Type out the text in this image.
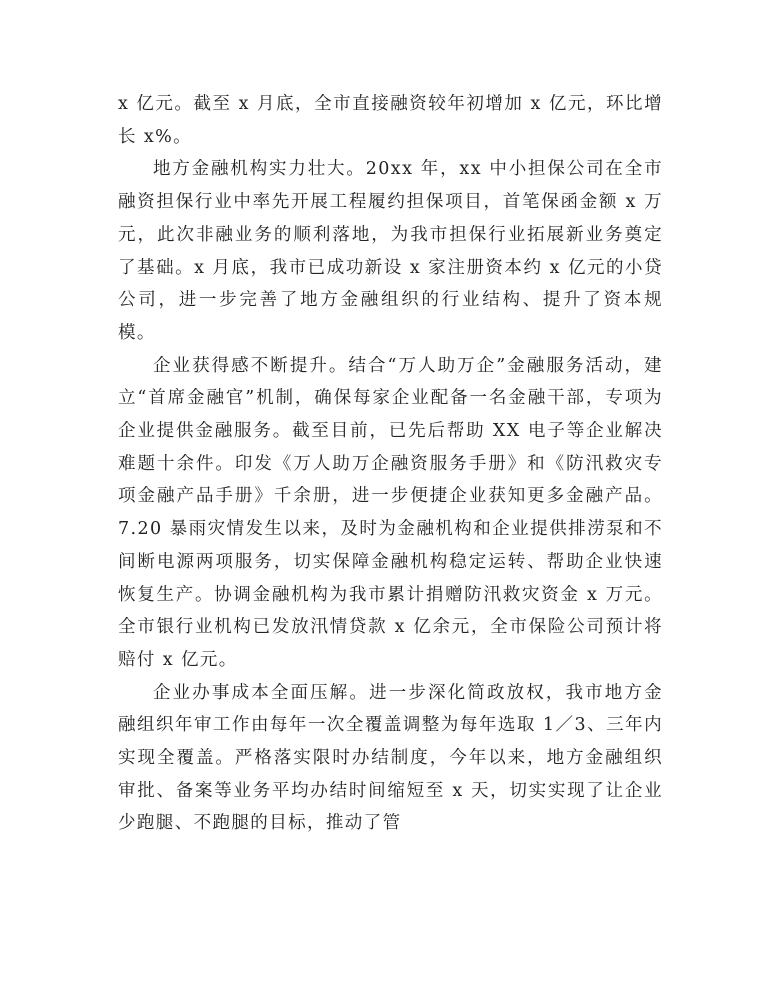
x 亿元。截至 x 月底，全市直接融资较年初增加 x 亿元，环比增长 x%。

地方金融机构实力壮大。20xx 年，xx 中小担保公司在全市融资担保行业中率先开展工程履约担保项目，首笔保函金额 x 万元，此次非融业务的顺利落地，为我市担保行业拓展新业务奠定了基础。x 月底，我市已成功新设 x 家注册资本约 x 亿元的小贷公司，进一步完善了地方金融组织的行业结构、提升了资本规模。

企业获得感不断提升。结合“万人助万企”金融服务活动，建立“首席金融官”机制，确保每家企业配备一名金融干部，专项为企业提供金融服务。截至目前，已先后帮助 XX 电子等企业解决难题十余件。印发《万人助万企融资服务手册》和《防汛救灾专项金融产品手册》千余册，进一步便捷企业获知更多金融产品。7.20 暴雨灾情发生以来，及时为金融机构和企业提供排涝泵和不间断电源两项服务，切实保障金融机构稳定运转、帮助企业快速恢复生产。协调金融机构为我市累计捐赠防汛救灾资金 x 万元。全市银行业机构已发放汛情贷款 x 亿余元，全市保险公司预计将赔付 x 亿元。

企业办事成本全面压解。进一步深化简政放权，我市地方金融组织年审工作由每年一次全覆盖调整为每年选取 1／3、三年内实现全覆盖。严格落实限时办结制度，今年以来，地方金融组织审批、备案等业务平均办结时间缩短至 x 天，切实实现了让企业少跑腿、不跑腿的目标，推动了管
